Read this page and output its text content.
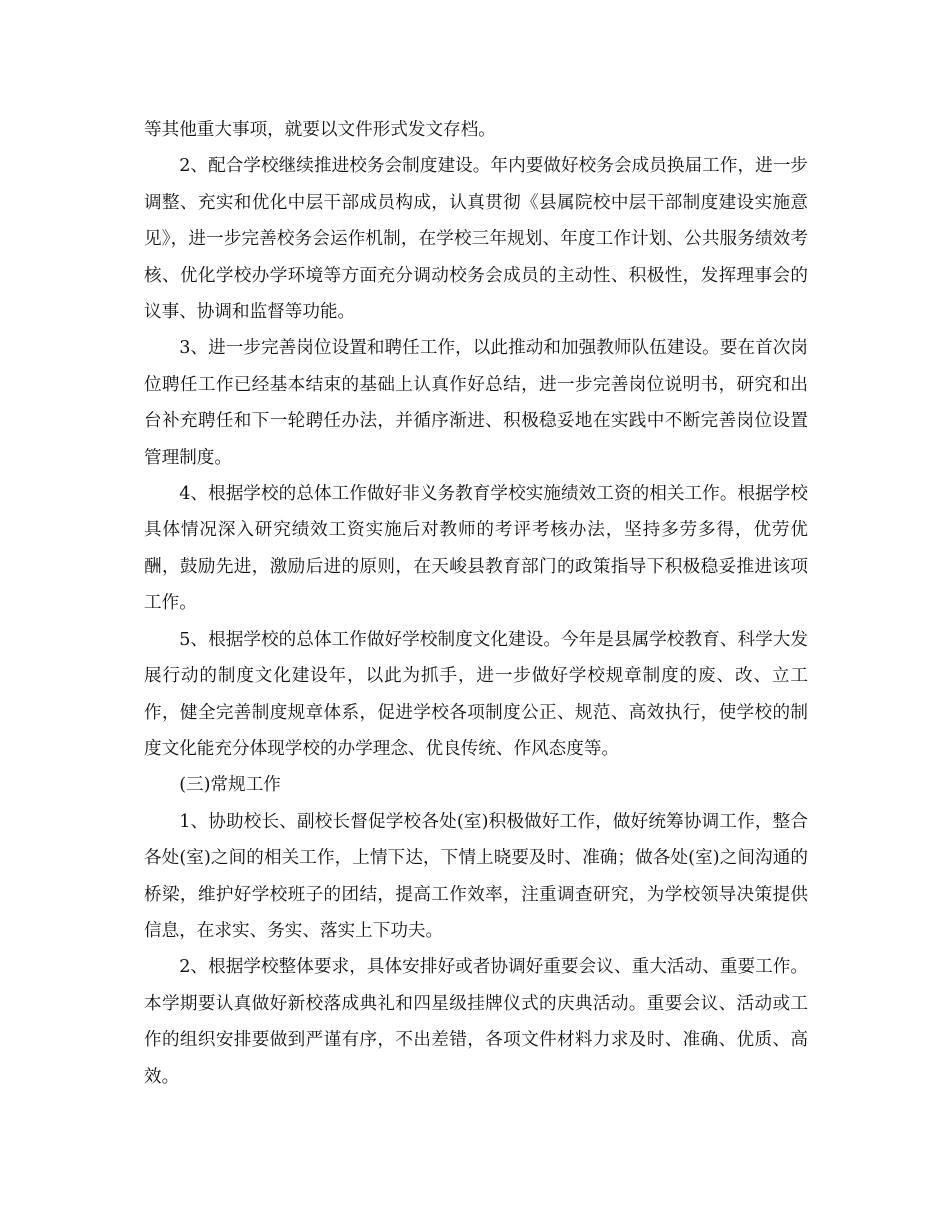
等其他重大事项，就要以文件形式发文存档。

2、配合学校继续推进校务会制度建设。年内要做好校务会成员换届工作，进一步调整、充实和优化中层干部成员构成，认真贯彻《县属院校中层干部制度建设实施意见》，进一步完善校务会运作机制，在学校三年规划、年度工作计划、公共服务绩效考核、优化学校办学环境等方面充分调动校务会成员的主动性、积极性，发挥理事会的议事、协调和监督等功能。

3、进一步完善岗位设置和聘任工作，以此推动和加强教师队伍建设。要在首次岗位聘任工作已经基本结束的基础上认真作好总结，进一步完善岗位说明书，研究和出台补充聘任和下一轮聘任办法，并循序渐进、积极稳妥地在实践中不断完善岗位设置管理制度。

4、根据学校的总体工作做好非义务教育学校实施绩效工资的相关工作。根据学校具体情况深入研究绩效工资实施后对教师的考评考核办法，坚持多劳多得，优劳优酬，鼓励先进，激励后进的原则，在天峻县教育部门的政策指导下积极稳妥推进该项工作。

5、根据学校的总体工作做好学校制度文化建设。今年是县属学校教育、科学大发展行动的制度文化建设年，以此为抓手，进一步做好学校规章制度的废、改、立工作，健全完善制度规章体系，促进学校各项制度公正、规范、高效执行，使学校的制度文化能充分体现学校的办学理念、优良传统、作风态度等。

(三)常规工作

1、协助校长、副校长督促学校各处(室)积极做好工作，做好统筹协调工作，整合各处(室)之间的相关工作，上情下达，下情上晓要及时、准确；做各处(室)之间沟通的桥梁，维护好学校班子的团结，提高工作效率，注重调查研究，为学校领导决策提供信息，在求实、务实、落实上下功夫。

2、根据学校整体要求，具体安排好或者协调好重要会议、重大活动、重要工作。本学期要认真做好新校落成典礼和四星级挂牌仪式的庆典活动。重要会议、活动或工作的组织安排要做到严谨有序，不出差错，各项文件材料力求及时、准确、优质、高效。
